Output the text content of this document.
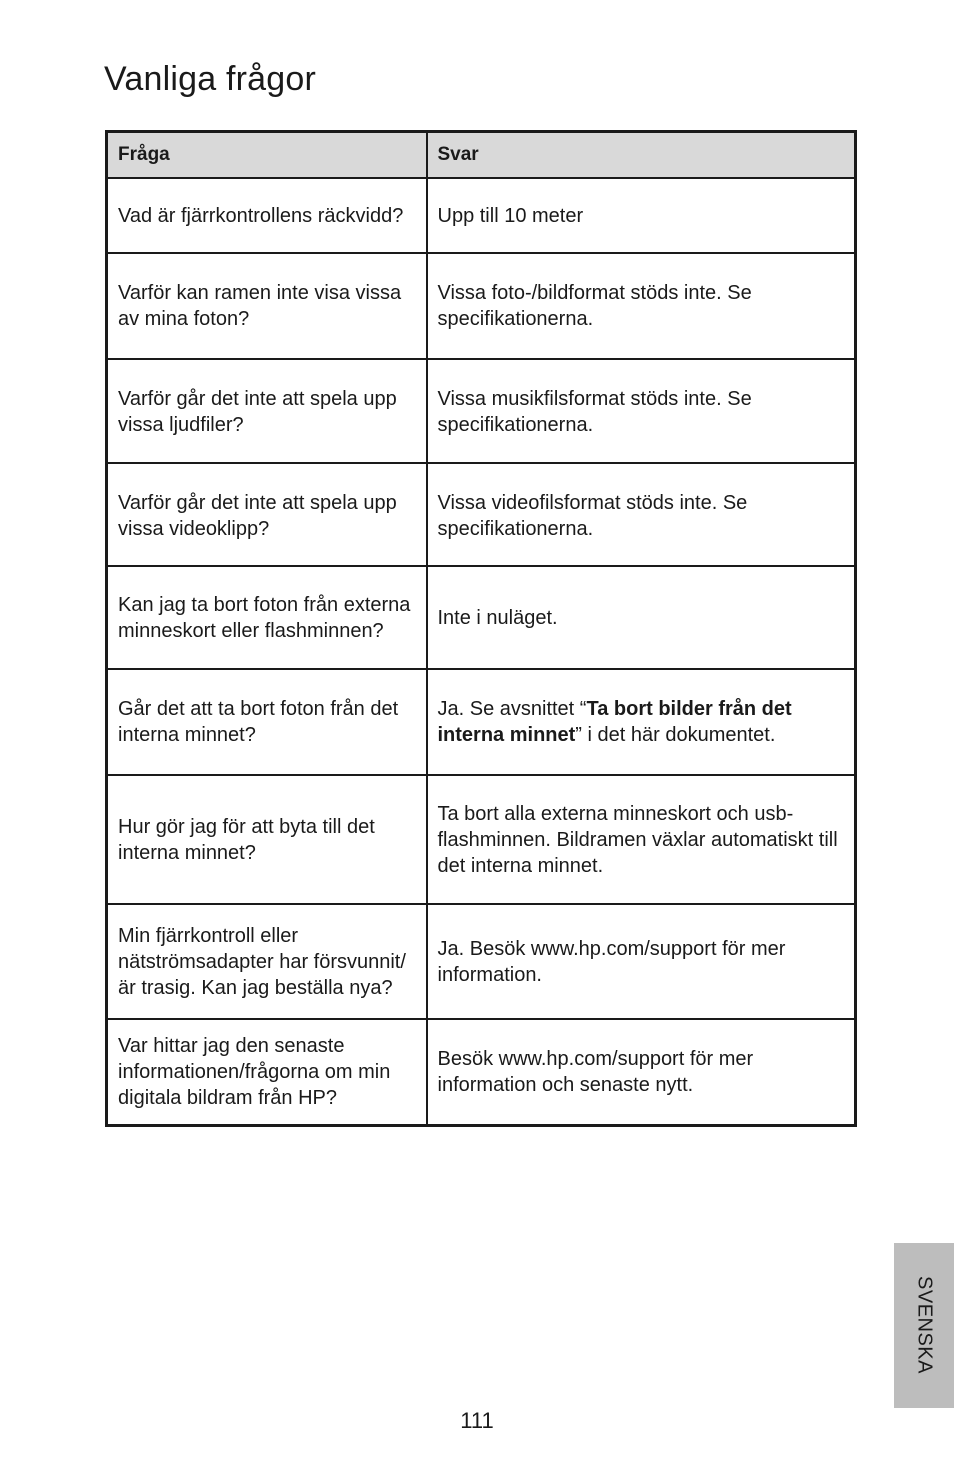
Vanliga frågor
Fråga	Svar
Vad är fjärrkontrollens räckvidd?	Upp till 10 meter
Varför kan ramen inte visa vissa av mina foton?	Vissa foto-/bildformat stöds inte. Se specifikationerna.
Varför går det inte att spela upp vissa ljudfiler?	Vissa musikfilsformat stöds inte. Se specifikationerna.
Varför går det inte att spela upp vissa videoklipp?	Vissa videofilsformat stöds inte. Se specifikationerna.
Kan jag ta bort foton från externa minneskort eller flashminnen?	Inte i nuläget.
Går det att ta bort foton från det interna minnet?	Ja. Se avsnittet “Ta bort bilder från det interna minnet” i det här dokumentet.
Hur gör jag för att byta till det interna minnet?	Ta bort alla externa minneskort och usb-flashminnen. Bildramen växlar automatiskt till det interna minnet.
Min fjärrkontroll eller nätströmsadapter har försvunnit/är trasig. Kan jag beställa nya?	Ja. Besök www.hp.com/support för mer information.
Var hittar jag den senaste informationen/frågorna om min digitala bildram från HP?	Besök www.hp.com/support för mer information och senaste nytt.
SVENSKA
111
